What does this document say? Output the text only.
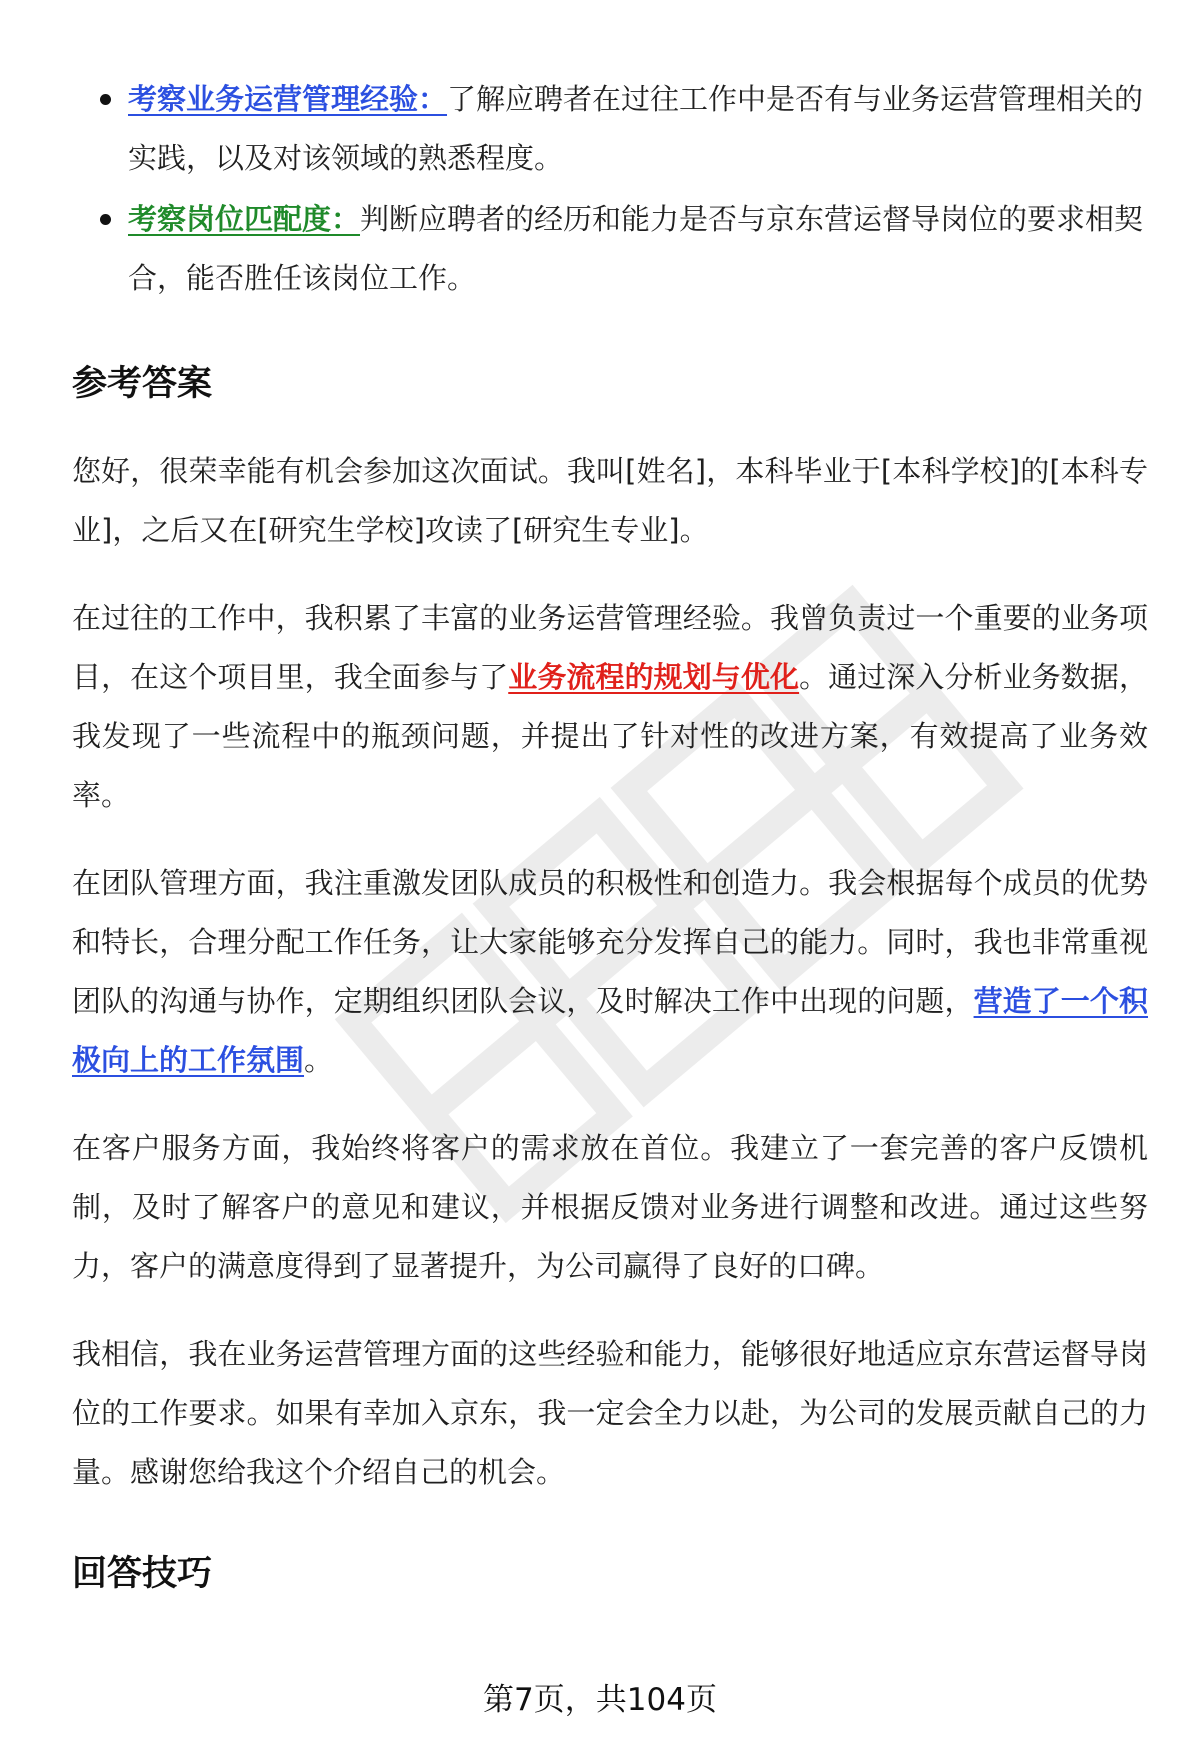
考察业务运营管理经验：了解应聘者在过往工作中是否有与业务运营管理相关的实践，以及对该领域的熟悉程度。
考察岗位匹配度：判断应聘者的经历和能力是否与京东营运督导岗位的要求相契合，能否胜任该岗位工作。
参考答案

您好，很荣幸能有机会参加这次面试。我叫[姓名]，本科毕业于[本科学校]的[本科专业]，之后又在[研究生学校]攻读了[研究生专业]。

在过往的工作中，我积累了丰富的业务运营管理经验。我曾负责过一个重要的业务项目，在这个项目里，我全面参与了业务流程的规划与优化。通过深入分析业务数据，我发现了一些流程中的瓶颈问题，并提出了针对性的改进方案，有效提高了业务效率。

在团队管理方面，我注重激发团队成员的积极性和创造力。我会根据每个成员的优势和特长，合理分配工作任务，让大家能够充分发挥自己的能力。同时，我也非常重视团队的沟通与协作，定期组织团队会议，及时解决工作中出现的问题，营造了一个积极向上的工作氛围。

在客户服务方面，我始终将客户的需求放在首位。我建立了一套完善的客户反馈机制，及时了解客户的意见和建议，并根据反馈对业务进行调整和改进。通过这些努力，客户的满意度得到了显著提升，为公司赢得了良好的口碑。

我相信，我在业务运营管理方面的这些经验和能力，能够很好地适应京东营运督导岗位的工作要求。如果有幸加入京东，我一定会全力以赴，为公司的发展贡献自己的力量。感谢您给我这个介绍自己的机会。

回答技巧
第7页，共104页
